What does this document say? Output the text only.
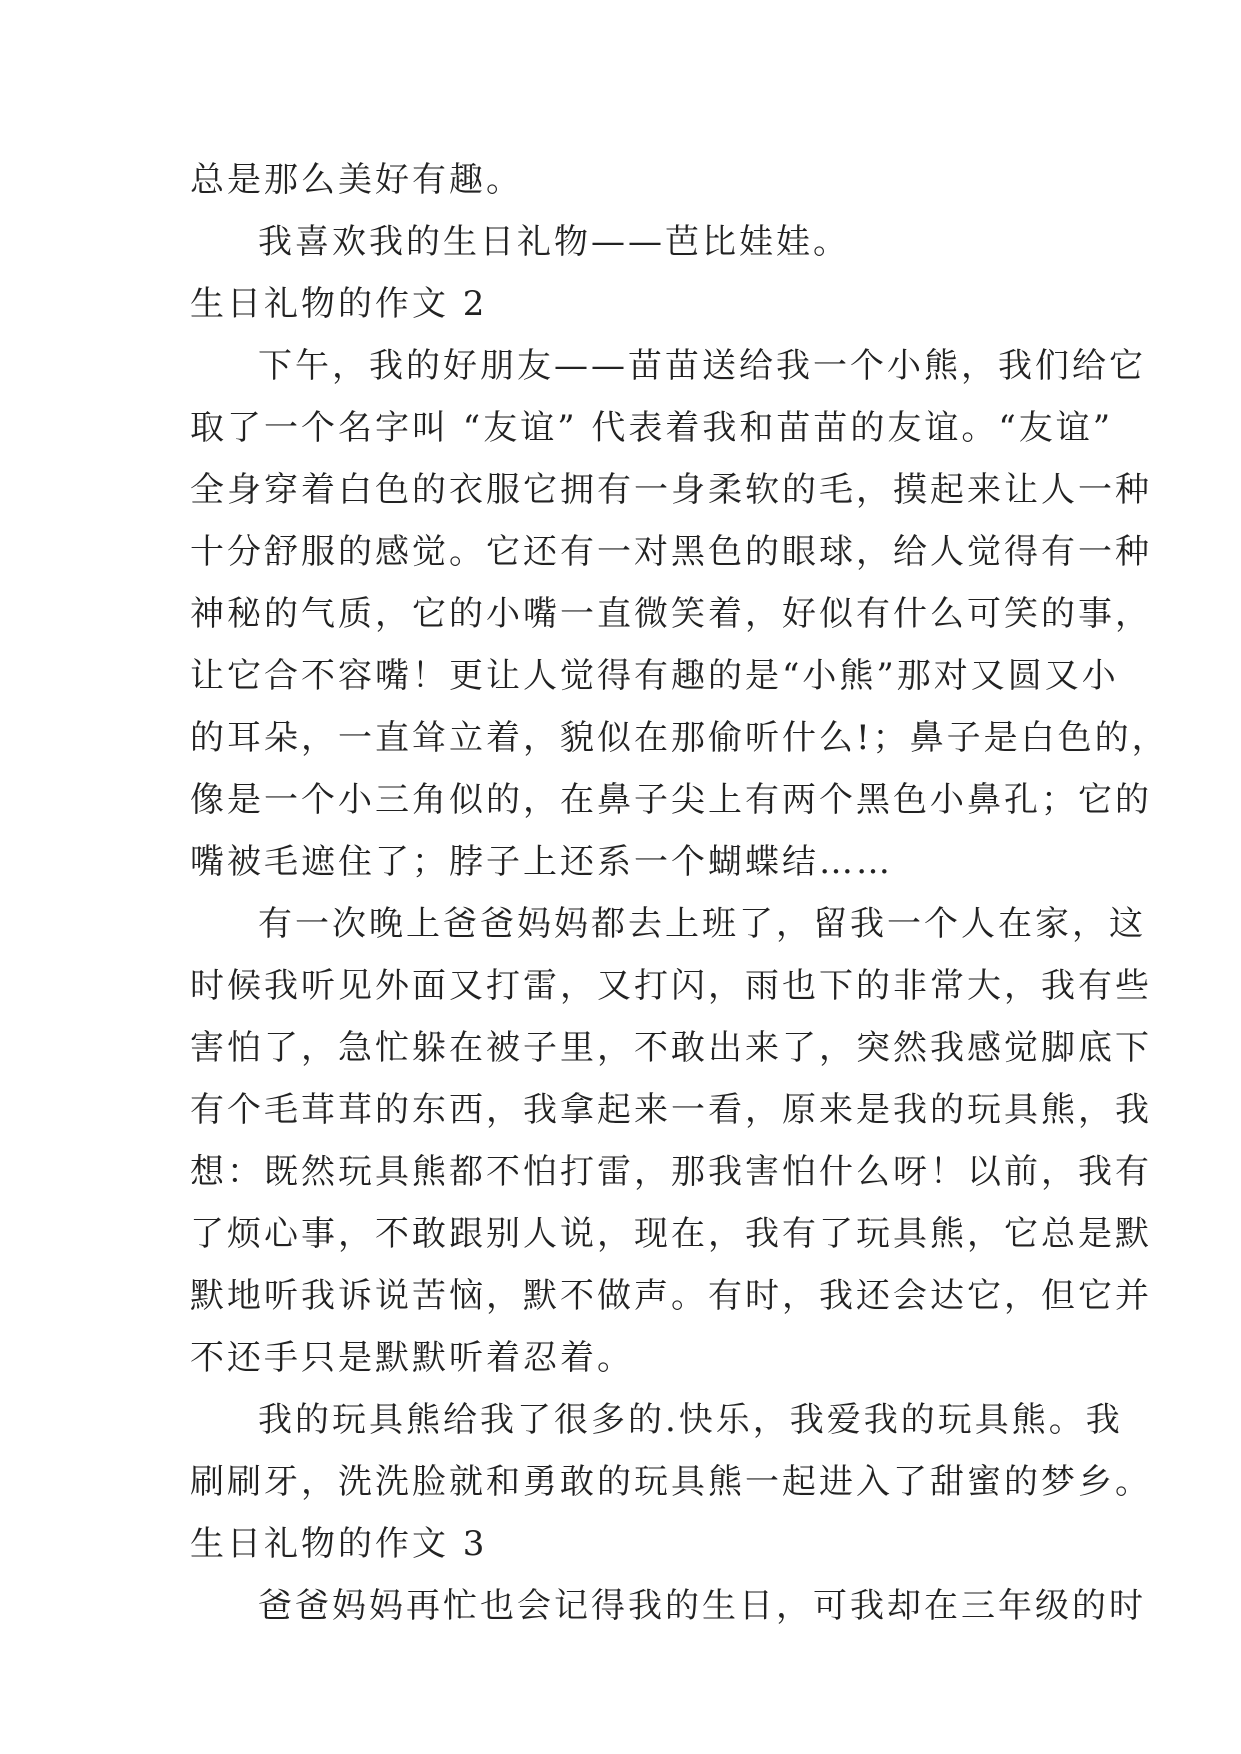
总是那么美好有趣。
我喜欢我的生日礼物——芭比娃娃。
生日礼物的作文 2
下午，我的好朋友——苗苗送给我一个小熊，我们给它
取了一个名字叫 “友谊” 代表着我和苗苗的友谊。“友谊”
全身穿着白色的衣服它拥有一身柔软的毛，摸起来让人一种
十分舒服的感觉。它还有一对黑色的眼球，给人觉得有一种
神秘的气质，它的小嘴一直微笑着，好似有什么可笑的事，
让它合不容嘴！更让人觉得有趣的是“小熊”那对又圆又小
的耳朵，一直耸立着，貌似在那偷听什么!；鼻子是白色的，
像是一个小三角似的，在鼻子尖上有两个黑色小鼻孔；它的
嘴被毛遮住了；脖子上还系一个蝴蝶结……
有一次晚上爸爸妈妈都去上班了，留我一个人在家，这
时候我听见外面又打雷，又打闪，雨也下的非常大，我有些
害怕了，急忙躲在被子里，不敢出来了，突然我感觉脚底下
有个毛茸茸的东西，我拿起来一看，原来是我的玩具熊，我
想：既然玩具熊都不怕打雷，那我害怕什么呀！以前，我有
了烦心事，不敢跟别人说，现在，我有了玩具熊，它总是默
默地听我诉说苦恼，默不做声。有时，我还会达它，但它并
不还手只是默默听着忍着。
我的玩具熊给我了很多的.快乐，我爱我的玩具熊。我
刷刷牙，洗洗脸就和勇敢的玩具熊一起进入了甜蜜的梦乡。
生日礼物的作文 3
爸爸妈妈再忙也会记得我的生日，可我却在三年级的时
